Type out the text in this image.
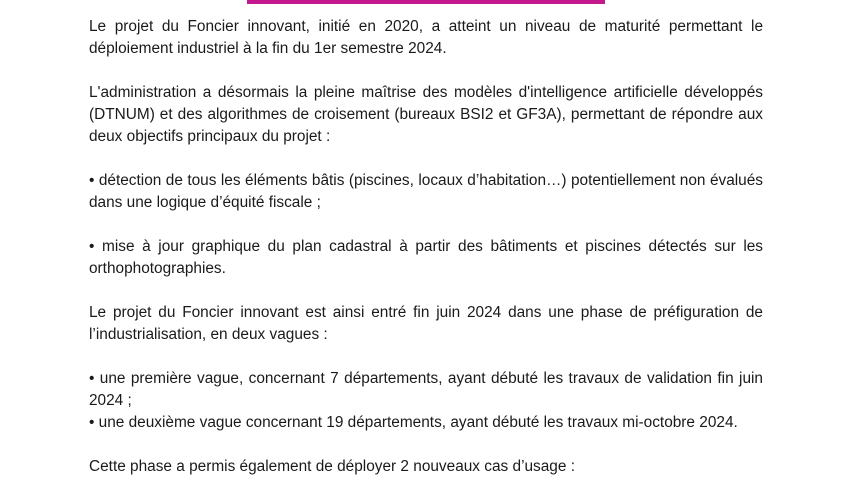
Le projet du Foncier innovant, initié en 2020, a atteint un niveau de maturité permettant le déploiement industriel à la fin du 1er semestre 2024.

L'administration a désormais la pleine maîtrise des modèles d'intelligence artificielle développés (DTNUM) et des algorithmes de croisement (bureaux BSI2 et GF3A), permettant de répondre aux deux objectifs principaux du projet :

• détection de tous les éléments bâtis (piscines, locaux d’habitation…) potentiellement non évalués dans une logique d’équité fiscale ;

• mise à jour graphique du plan cadastral à partir des bâtiments et piscines détectés sur les orthophotographies.

Le projet du Foncier innovant est ainsi entré fin juin 2024 dans une phase de préfiguration de l’industrialisation, en deux vagues :

• une première vague, concernant 7 départements, ayant débuté les travaux de validation fin juin 2024 ;

• une deuxième vague concernant 19 départements, ayant débuté les travaux mi-octobre 2024.

Cette phase a permis également de déployer 2 nouveaux cas d’usage :
